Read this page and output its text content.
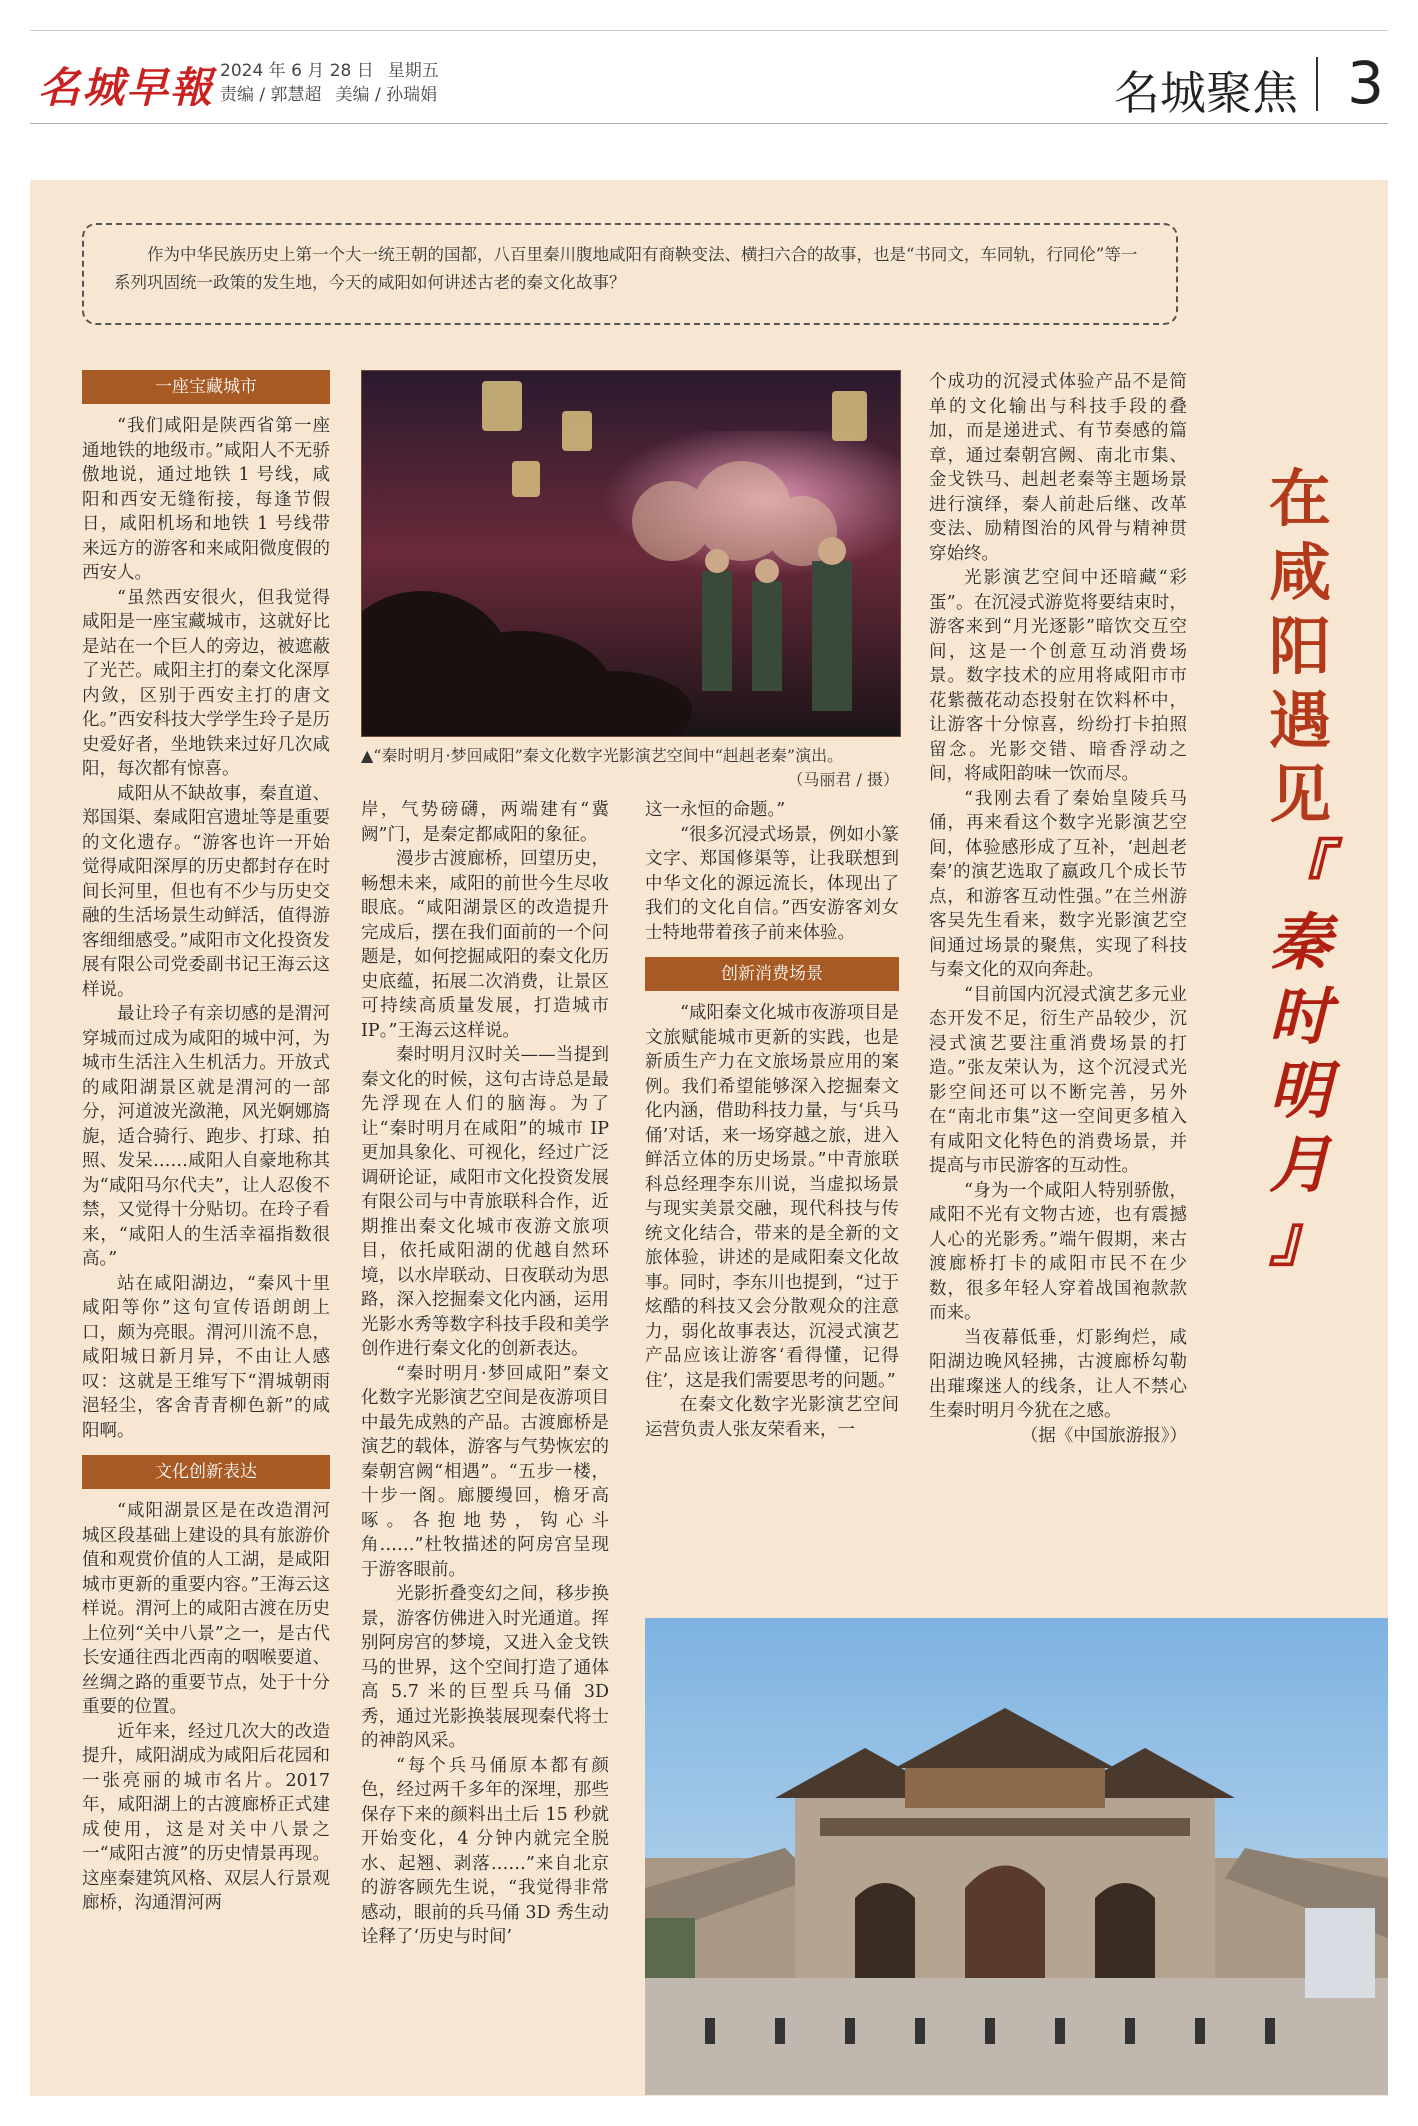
名城早報 2024 年 6 月 28 日 星期五
责编 / 郭慧超 美编 / 孙瑞娟	名城聚焦 3
作为中华民族历史上第一个大一统王朝的国都，八百里秦川腹地咸阳有商鞅变法、横扫六合的故事，也是“书同文，车同轨，行同伦”等一系列巩固统一政策的发生地，今天的咸阳如何讲述古老的秦文化故事？
一座宝藏城市

“我们咸阳是陕西省第一座通地铁的地级市。”咸阳人不无骄傲地说，通过地铁 1 号线，咸阳和西安无缝衔接，每逢节假日，咸阳机场和地铁 1 号线带来远方的游客和来咸阳微度假的西安人。

“虽然西安很火，但我觉得咸阳是一座宝藏城市，这就好比是站在一个巨人的旁边，被遮蔽了光芒。咸阳主打的秦文化深厚内敛，区别于西安主打的唐文化。”西安科技大学学生玲子是历史爱好者，坐地铁来过好几次咸阳，每次都有惊喜。

咸阳从不缺故事，秦直道、郑国渠、秦咸阳宫遗址等是重要的文化遗存。“游客也许一开始觉得咸阳深厚的历史都封存在时间长河里，但也有不少与历史交融的生活场景生动鲜活，值得游客细细感受。”咸阳市文化投资发展有限公司党委副书记王海云这样说。

最让玲子有亲切感的是渭河穿城而过成为咸阳的城中河，为城市生活注入生机活力。开放式的咸阳湖景区就是渭河的一部分，河道波光潋滟，风光婀娜旖旎，适合骑行、跑步、打球、拍照、发呆……咸阳人自豪地称其为“咸阳马尔代夫”，让人忍俊不禁，又觉得十分贴切。在玲子看来，“咸阳人的生活幸福指数很高。”

站在咸阳湖边，“秦风十里 咸阳等你”这句宣传语朗朗上口，颇为亮眼。渭河川流不息，咸阳城日新月异，不由让人感叹：这就是王维写下“渭城朝雨浥轻尘，客舍青青柳色新”的咸阳啊。

文化创新表达

“咸阳湖景区是在改造渭河城区段基础上建设的具有旅游价值和观赏价值的人工湖，是咸阳城市更新的重要内容。”王海云这样说。渭河上的咸阳古渡在历史上位列“关中八景”之一，是古代长安通往西北西南的咽喉要道、丝绸之路的重要节点，处于十分重要的位置。

近年来，经过几次大的改造提升，咸阳湖成为咸阳后花园和一张亮丽的城市名片。2017 年，咸阳湖上的古渡廊桥正式建成使用，这是对关中八景之一“咸阳古渡”的历史情景再现。这座秦建筑风格、双层人行景观廊桥，沟通渭河两

▲“秦时明月·梦回咸阳”秦文化数字光影演艺空间中“赳赳老秦”演出。
（马丽君 / 摄）

岸，气势磅礴，两端建有“冀阙”门，是秦定都咸阳的象征。

漫步古渡廊桥，回望历史，畅想未来，咸阳的前世今生尽收眼底。“咸阳湖景区的改造提升完成后，摆在我们面前的一个问题是，如何挖掘咸阳的秦文化历史底蕴，拓展二次消费，让景区可持续高质量发展，打造城市 IP。”王海云这样说。

秦时明月汉时关——当提到秦文化的时候，这句古诗总是最先浮现在人们的脑海。为了让“秦时明月在咸阳”的城市 IP 更加具象化、可视化，经过广泛调研论证，咸阳市文化投资发展有限公司与中青旅联科合作，近期推出秦文化城市夜游文旅项目，依托咸阳湖的优越自然环境，以水岸联动、日夜联动为思路，深入挖掘秦文化内涵，运用光影水秀等数字科技手段和美学创作进行秦文化的创新表达。

“秦时明月·梦回咸阳”秦文化数字光影演艺空间是夜游项目中最先成熟的产品。古渡廊桥是演艺的载体，游客与气势恢宏的秦朝宫阙“相遇”。“五步一楼，十步一阁。廊腰缦回，檐牙高啄。各抱地势，钩心斗角……”杜牧描述的阿房宫呈现于游客眼前。

光影折叠变幻之间，移步换景，游客仿佛进入时光通道。挥别阿房宫的梦境，又进入金戈铁马的世界，这个空间打造了通体高 5.7 米的巨型兵马俑 3D 秀，通过光影换装展现秦代将士的神韵风采。

“每个兵马俑原本都有颜色，经过两千多年的深埋，那些保存下来的颜料出土后 15 秒就开始变化，4 分钟内就完全脱水、起翘、剥落……”来自北京的游客顾先生说，“我觉得非常感动，眼前的兵马俑 3D 秀生动诠释了‘历史与时间’

这一永恒的命题。”

“很多沉浸式场景，例如小篆文字、郑国修渠等，让我联想到中华文化的源远流长，体现出了我们的文化自信。”西安游客刘女士特地带着孩子前来体验。

创新消费场景

“咸阳秦文化城市夜游项目是文旅赋能城市更新的实践，也是新质生产力在文旅场景应用的案例。我们希望能够深入挖掘秦文化内涵，借助科技力量，与‘兵马俑’对话，来一场穿越之旅，进入鲜活立体的历史场景。”中青旅联科总经理李东川说，当虚拟场景与现实美景交融，现代科技与传统文化结合，带来的是全新的文旅体验，讲述的是咸阳秦文化故事。同时，李东川也提到，“过于炫酷的科技又会分散观众的注意力，弱化故事表达，沉浸式演艺产品应该让游客‘看得懂，记得住’，这是我们需要思考的问题。”

在秦文化数字光影演艺空间运营负责人张友荣看来，一

个成功的沉浸式体验产品不是简单的文化输出与科技手段的叠加，而是递进式、有节奏感的篇章，通过秦朝宫阙、南北市集、金戈铁马、赳赳老秦等主题场景进行演绎，秦人前赴后继、改革变法、励精图治的风骨与精神贯穿始终。

光影演艺空间中还暗藏“彩蛋”。在沉浸式游览将要结束时，游客来到“月光逐影”暗饮交互空间，这是一个创意互动消费场景。数字技术的应用将咸阳市市花紫薇花动态投射在饮料杯中，让游客十分惊喜，纷纷打卡拍照留念。光影交错、暗香浮动之间，将咸阳韵味一饮而尽。

“我刚去看了秦始皇陵兵马俑，再来看这个数字光影演艺空间，体验感形成了互补，‘赳赳老秦’的演艺选取了嬴政几个成长节点，和游客互动性强。”在兰州游客吴先生看来，数字光影演艺空间通过场景的聚焦，实现了科技与秦文化的双向奔赴。

“目前国内沉浸式演艺多元业态开发不足，衍生产品较少，沉浸式演艺要注重消费场景的打造。”张友荣认为，这个沉浸式光影空间还可以不断完善，另外在“南北市集”这一空间更多植入有咸阳文化特色的消费场景，并提高与市民游客的互动性。

“身为一个咸阳人特别骄傲，咸阳不光有文物古迹，也有震撼人心的光影秀。”端午假期，来古渡廊桥打卡的咸阳市民不在少数，很多年轻人穿着战国袍款款而来。

当夜幕低垂，灯影绚烂，咸阳湖边晚风轻拂，古渡廊桥勾勒出璀璨迷人的线条，让人不禁心生秦时明月今犹在之感。

（据《中国旅游报》）
在咸阳遇见
『
秦时明月
』
